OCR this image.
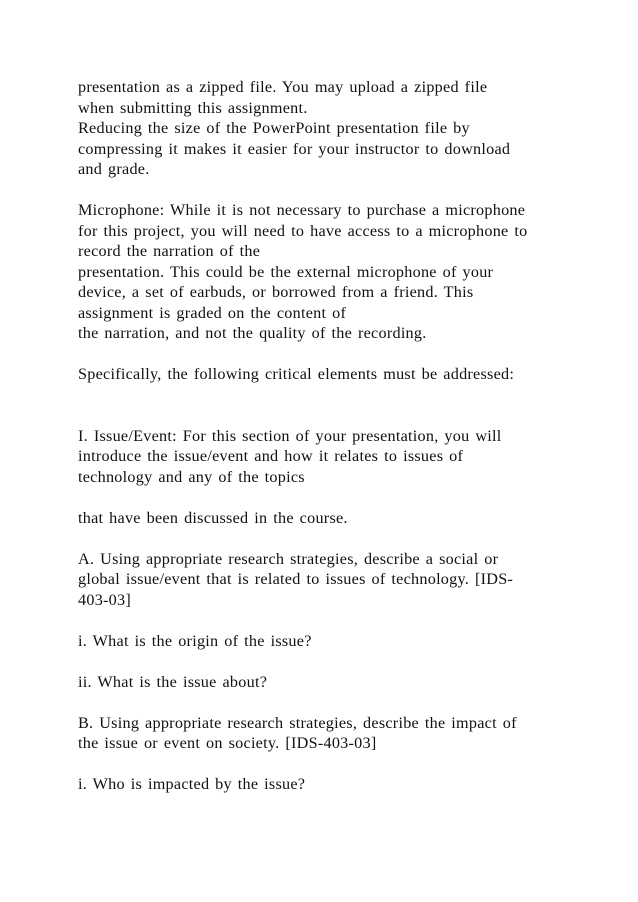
presentation as a zipped file. You may upload a zipped file
when submitting this assignment.
Reducing the size of the PowerPoint presentation file by
compressing it makes it easier for your instructor to download
and grade.
Microphone: While it is not necessary to purchase a microphone
for this project, you will need to have access to a microphone to
record the narration of the
presentation. This could be the external microphone of your
device, a set of earbuds, or borrowed from a friend. This
assignment is graded on the content of
the narration, and not the quality of the recording.
Specifically, the following critical elements must be addressed:
I. Issue/Event: For this section of your presentation, you will
introduce the issue/event and how it relates to issues of
technology and any of the topics
that have been discussed in the course.
A. Using appropriate research strategies, describe a social or
global issue/event that is related to issues of technology. [IDS-
403-03]
i. What is the origin of the issue?
ii. What is the issue about?
B. Using appropriate research strategies, describe the impact of
the issue or event on society. [IDS-403-03]
i. Who is impacted by the issue?
